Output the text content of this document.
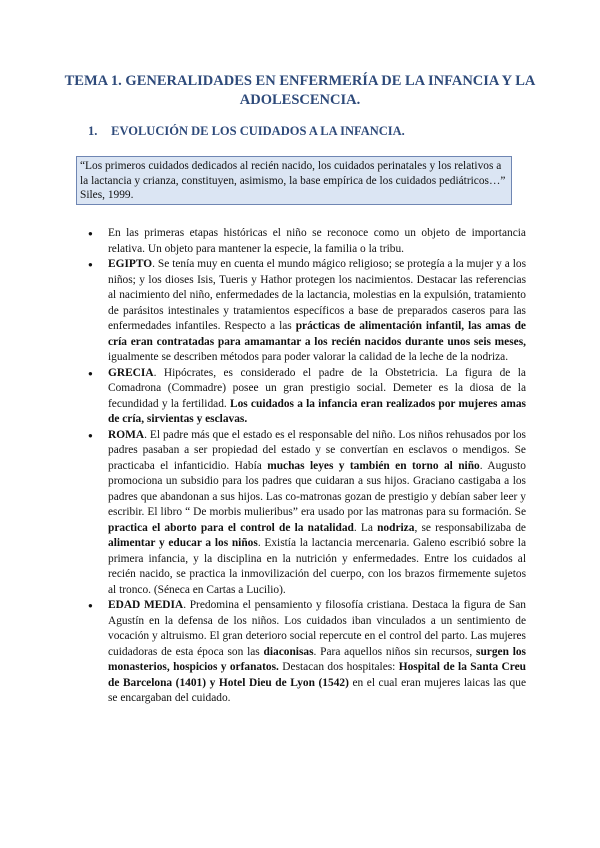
TEMA 1. GENERALIDADES EN ENFERMERÍA DE LA INFANCIA Y LA ADOLESCENCIA.
1. EVOLUCIÓN DE LOS CUIDADOS A LA INFANCIA.
“Los primeros cuidados dedicados al recién nacido, los cuidados perinatales y los relativos a la lactancia y crianza, constituyen, asimismo, la base empírica de los cuidados pediátricos…” Siles, 1999.
● En las primeras etapas históricas el niño se reconoce como un objeto de importancia relativa. Un objeto para mantener la especie, la familia o la tribu.
● EGIPTO. Se tenía muy en cuenta el mundo mágico religioso; se protegía a la mujer y a los niños; y los dioses Isis, Tueris y Hathor protegen los nacimientos. Destacar las referencias al nacimiento del niño, enfermedades de la lactancia, molestias en la expulsión, tratamiento de parásitos intestinales y tratamientos específicos a base de preparados caseros para las enfermedades infantiles. Respecto a las prácticas de alimentación infantil, las amas de cría eran contratadas para amamantar a los recién nacidos durante unos seis meses, igualmente se describen métodos para poder valorar la calidad de la leche de la nodriza.
● GRECIA. Hipócrates, es considerado el padre de la Obstetricia. La figura de la Comadrona (Commadre) posee un gran prestigio social. Demeter es la diosa de la fecundidad y la fertilidad. Los cuidados a la infancia eran realizados por mujeres amas de cría, sirvientas y esclavas.
● ROMA. El padre más que el estado es el responsable del niño. Los niños rehusados por los padres pasaban a ser propiedad del estado y se convertían en esclavos o mendigos. Se practicaba el infanticidio. Había muchas leyes y también en torno al niño. Augusto promociona un subsidio para los padres que cuidaran a sus hijos. Graciano castigaba a los padres que abandonan a sus hijos. Las co-matronas gozan de prestigio y debían saber leer y escribir. El libro “ De morbis mulieribus” era usado por las matronas para su formación. Se practica el aborto para el control de la natalidad. La nodriza, se responsabilizaba de alimentar y educar a los niños. Existía la lactancia mercenaria. Galeno escribió sobre la primera infancia, y la disciplina en la nutrición y enfermedades. Entre los cuidados al recién nacido, se practica la inmovilización del cuerpo, con los brazos firmemente sujetos al tronco. (Séneca en Cartas a Lucilio).
● EDAD MEDIA. Predomina el pensamiento y filosofía cristiana. Destaca la figura de San Agustín en la defensa de los niños. Los cuidados iban vinculados a un sentimiento de vocación y altruismo. El gran deterioro social repercute en el control del parto. Las mujeres cuidadoras de esta época son las diaconisas. Para aquellos niños sin recursos, surgen los monasterios, hospicios y orfanatos. Destacan dos hospitales: Hospital de la Santa Creu de Barcelona (1401) y Hotel Dieu de Lyon (1542) en el cual eran mujeres laicas las que se encargaban del cuidado.
